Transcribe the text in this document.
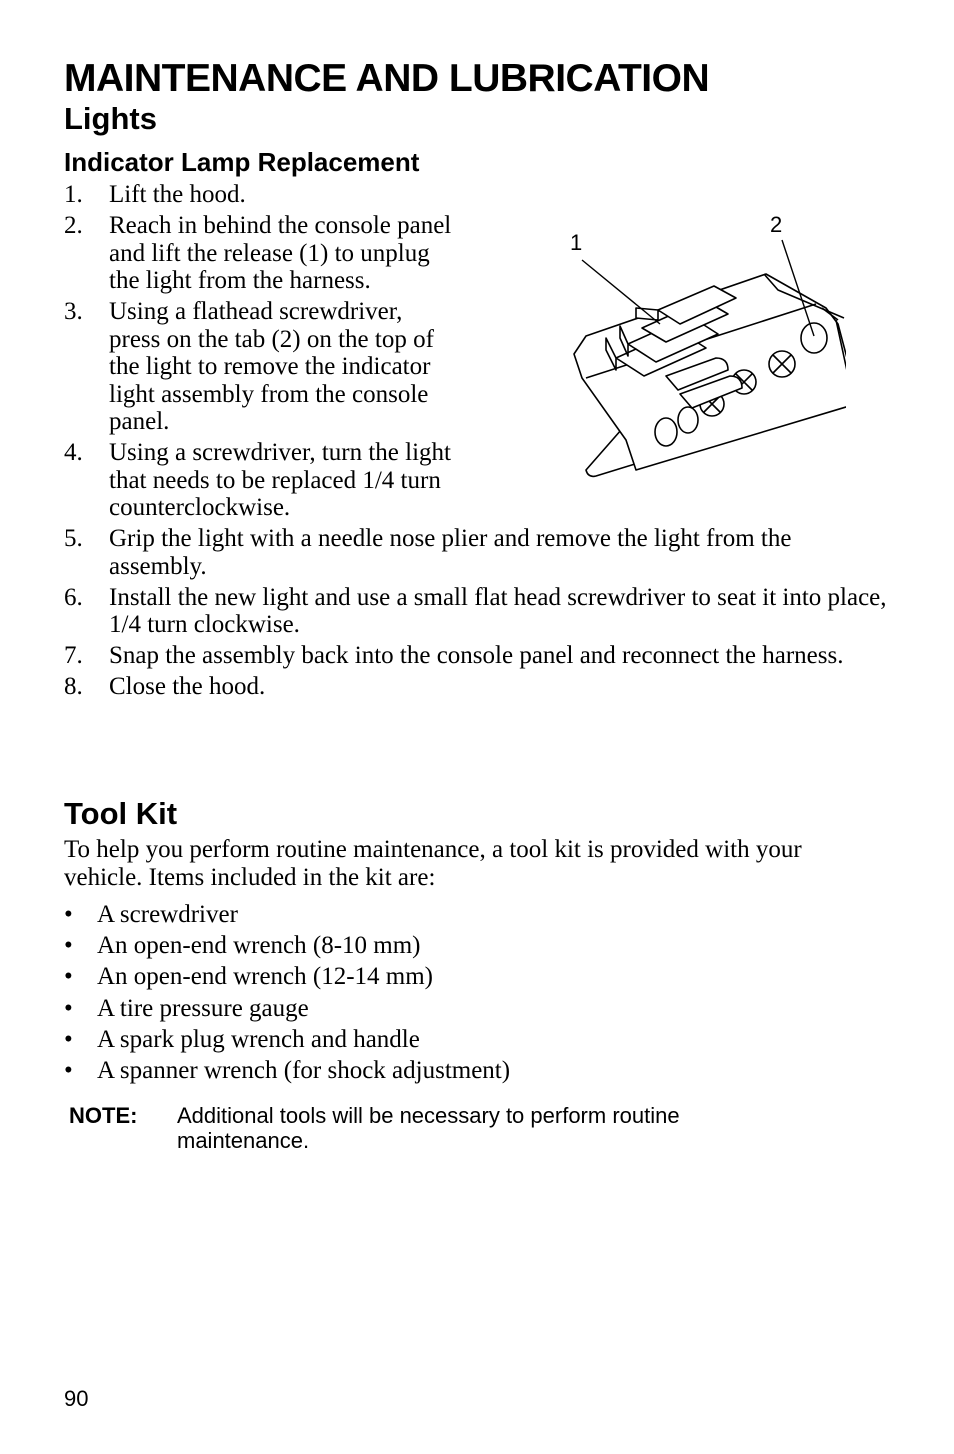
MAINTENANCE AND LUBRICATION
Lights
Indicator Lamp Replacement
1. Lift the hood.
2. Reach in behind the console panel and lift the release (1) to unplug the light from the harness.
3. Using a flathead screwdriver, press on the tab (2) on the top of the light to remove the indicator light assembly from the console panel.
4. Using a screwdriver, turn the light that needs to be replaced 1/4 turn counterclockwise.
5. Grip the light with a needle nose plier and remove the light from the assembly.
6. Install the new light and use a small flat head screwdriver to seat it into place, 1/4 turn clockwise.
7. Snap the assembly back into the console panel and reconnect the harness.
8. Close the hood.
1
2
Tool Kit

To help you perform routine maintenance, a tool kit is provided with your vehicle. Items included in the kit are:

• A screwdriver
• An open-end wrench (8-10 mm)
• An open-end wrench (12-14 mm)
• A tire pressure gauge
• A spark plug wrench and handle
• A spanner wrench (for shock adjustment)
NOTE: Additional tools will be necessary to perform routine maintenance.
90
